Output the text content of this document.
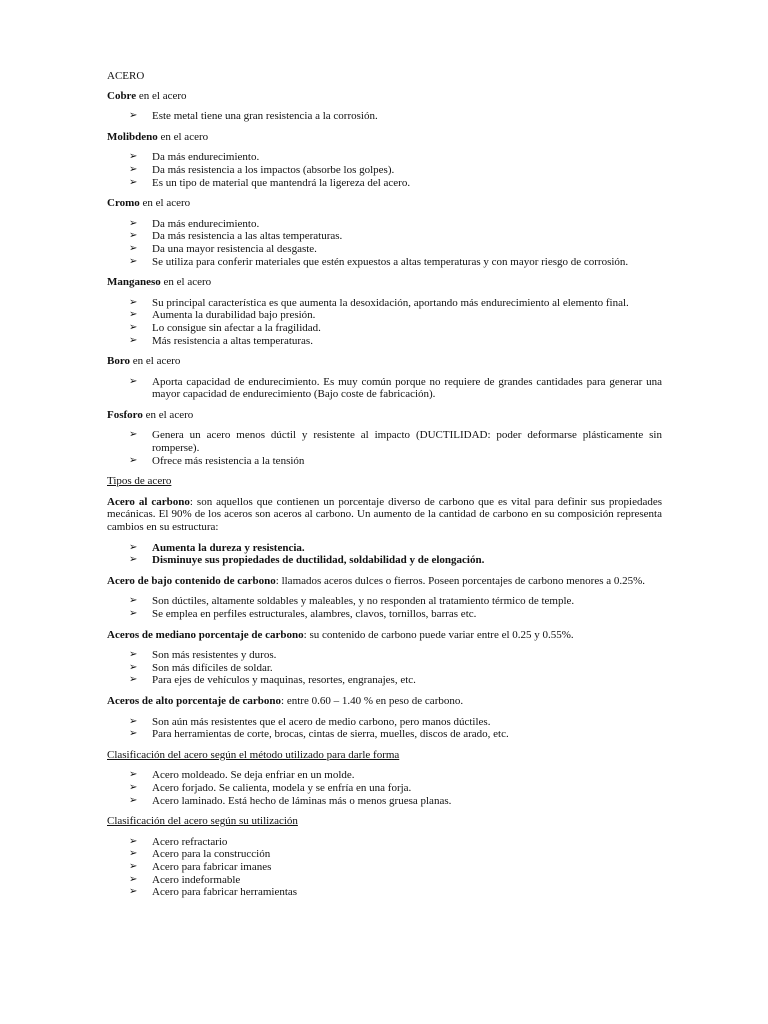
ACERO
Cobre en el acero
➢ Este metal tiene una gran resistencia a la corrosión.
Molibdeno en el acero
➢ Da más endurecimiento.
➢ Da más resistencia a los impactos (absorbe los golpes).
➢ Es un tipo de material que mantendrá la ligereza del acero.
Cromo en el acero
➢ Da más endurecimiento.
➢ Da más resistencia a las altas temperaturas.
➢ Da una mayor resistencia al desgaste.
➢ Se utiliza para conferir materiales que estén expuestos a altas temperaturas y con mayor riesgo de corrosión.
Manganeso en el acero
➢ Su principal característica es que aumenta la desoxidación, aportando más endurecimiento al elemento final.
➢ Aumenta la durabilidad bajo presión.
➢ Lo consigue sin afectar a la fragilidad.
➢ Más resistencia a altas temperaturas.
Boro en el acero
➢ Aporta capacidad de endurecimiento. Es muy común porque no requiere de grandes cantidades para generar una mayor capacidad de endurecimiento (Bajo coste de fabricación).
Fosforo en el acero
➢ Genera un acero menos dúctil y resistente al impacto (DUCTILIDAD: poder deformarse plásticamente sin romperse).
➢ Ofrece más resistencia a la tensión
Tipos de acero
Acero al carbono: son aquellos que contienen un porcentaje diverso de carbono que es vital para definir sus propiedades mecánicas. El 90% de los aceros son aceros al carbono. Un aumento de la cantidad de carbono en su composición representa cambios en su estructura:
➢ Aumenta la dureza y resistencia.
➢ Disminuye sus propiedades de ductilidad, soldabilidad y de elongación.
Acero de bajo contenido de carbono: llamados aceros dulces o fierros. Poseen porcentajes de carbono menores a 0.25%.
➢ Son dúctiles, altamente soldables y maleables, y no responden al tratamiento térmico de temple.
➢ Se emplea en perfiles estructurales, alambres, clavos, tornillos, barras etc.
Aceros de mediano porcentaje de carbono: su contenido de carbono puede variar entre el 0.25 y 0.55%.
➢ Son más resistentes y duros.
➢ Son más difíciles de soldar.
➢ Para ejes de vehículos y maquinas, resortes, engranajes, etc.
Aceros de alto porcentaje de carbono: entre 0.60 – 1.40 % en peso de carbono.
➢ Son aún más resistentes que el acero de medio carbono, pero manos dúctiles.
➢ Para herramientas de corte, brocas, cintas de sierra, muelles, discos de arado, etc.
Clasificación del acero según el método utilizado para darle forma
➢ Acero moldeado. Se deja enfriar en un molde.
➢ Acero forjado. Se calienta, modela y se enfría en una forja.
➢ Acero laminado. Está hecho de láminas más o menos gruesa planas.
Clasificación del acero según su utilización
➢ Acero refractario
➢ Acero para la construcción
➢ Acero para fabricar imanes
➢ Acero indeformable
➢ Acero para fabricar herramientas
